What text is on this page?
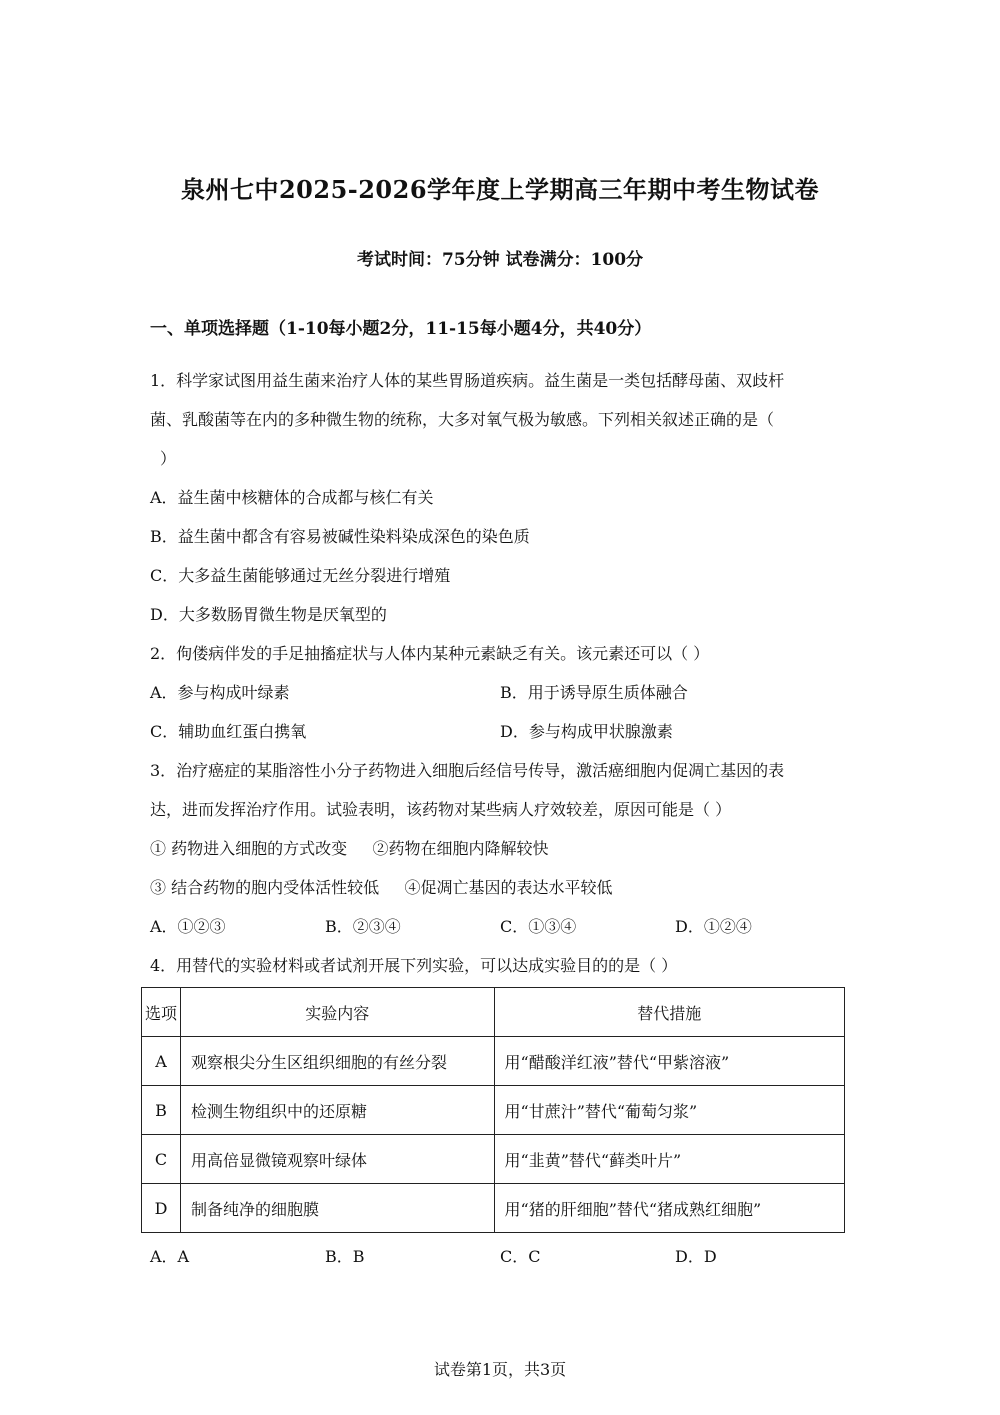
泉州七中2025-2026学年度上学期高三年期中考生物试卷
考试时间：75分钟 试卷满分：100分
一、单项选择题（1-10每小题2分，11-15每小题4分，共40分）
1．科学家试图用益生菌来治疗人体的某些胃肠道疾病。益生菌是一类包括酵母菌、双歧杆
菌、乳酸菌等在内的多种微生物的统称，大多对氧气极为敏感。下列相关叙述正确的是（
）
A．益生菌中核糖体的合成都与核仁有关
B．益生菌中都含有容易被碱性染料染成深色的染色质
C．大多益生菌能够通过无丝分裂进行增殖
D．大多数肠胃微生物是厌氧型的
2．佝偻病伴发的手足抽搐症状与人体内某种元素缺乏有关。该元素还可以（ ）
A．参与构成叶绿素	B．用于诱导原生质体融合
C．辅助血红蛋白携氧	D．参与构成甲状腺激素
3．治疗癌症的某脂溶性小分子药物进入细胞后经信号传导，激活癌细胞内促凋亡基因的表
达，进而发挥治疗作用。试验表明，该药物对某些病人疗效较差，原因可能是（ ）
① 药物进入细胞的方式改变     ②药物在细胞内降解较快
③ 结合药物的胞内受体活性较低     ④促凋亡基因的表达水平较低
A．①②③	B．②③④	C．①③④	D．①②④
4．用替代的实验材料或者试剂开展下列实验，可以达成实验目的的是（ ）
选项	实验内容	替代措施
A	观察根尖分生区组织细胞的有丝分裂	用“醋酸洋红液”替代“甲紫溶液”
B	检测生物组织中的还原糖	用“甘蔗汁”替代“葡萄匀浆”
C	用高倍显微镜观察叶绿体	用“韭黄”替代“藓类叶片”
D	制备纯净的细胞膜	用“猪的肝细胞”替代“猪成熟红细胞”
A．A	B．B	C．C	D．D
试卷第1页，共3页
